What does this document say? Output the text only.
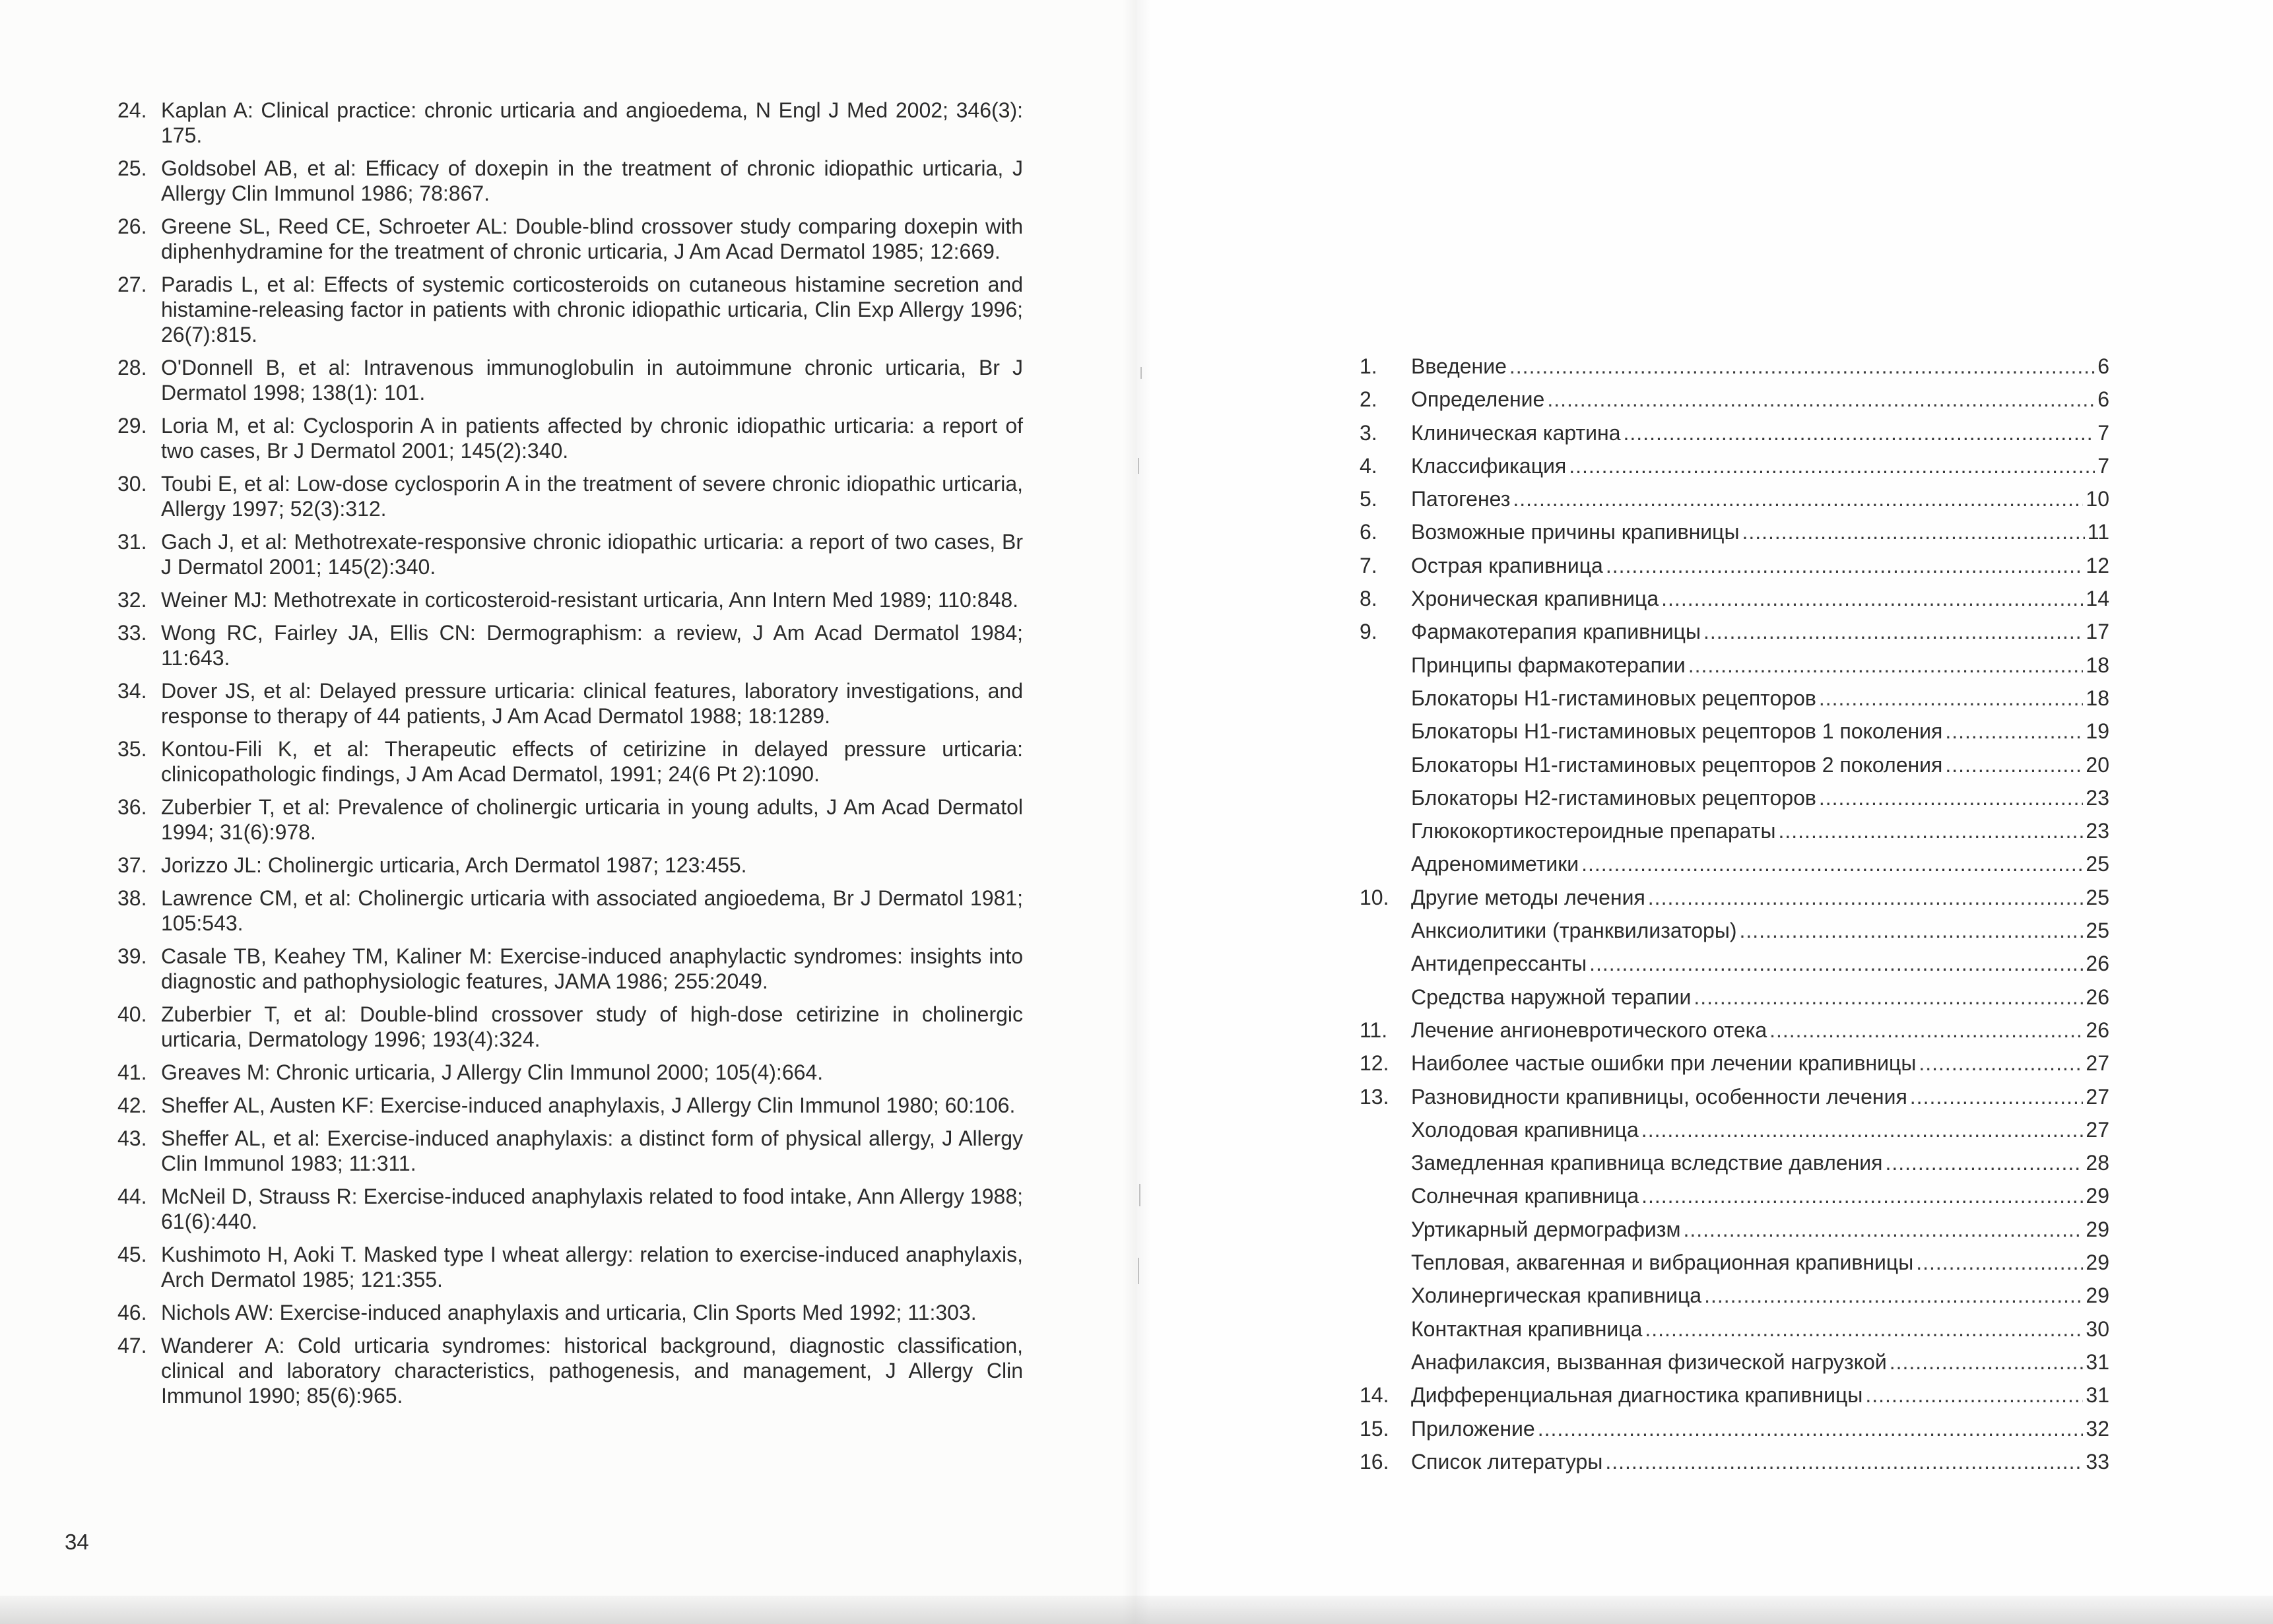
24. Kaplan A: Clinical practice: chronic urticaria and angioedema, N Engl J Med 2002; 346(3): 175.
25. Goldsobel AB, et al: Efficacy of doxepin in the treatment of chronic idiopathic urticaria, J Allergy Clin Immunol 1986; 78:867.
26. Greene SL, Reed CE, Schroeter AL: Double-blind crossover study comparing doxepin with diphenhydramine for the treatment of chronic urticaria, J Am Acad Dermatol 1985; 12:669.
27. Paradis L, et al: Effects of systemic corticosteroids on cutaneous histamine secretion and histamine-releasing factor in patients with chronic idiopathic urticaria, Clin Exp Allergy 1996; 26(7):815.
28. O'Donnell B, et al: Intravenous immunoglobulin in autoimmune chronic urticaria, Br J Dermatol 1998; 138(1): 101.
29. Loria M, et al: Cyclosporin A in patients affected by chronic idiopathic urticaria: a report of two cases, Br J Dermatol 2001; 145(2):340.
30. Toubi E, et al: Low-dose cyclosporin A in the treatment of severe chronic idiopathic urticaria, Allergy 1997; 52(3):312.
31. Gach J, et al: Methotrexate-responsive chronic idiopathic urticaria: a report of two cases, Br J Dermatol 2001; 145(2):340.
32. Weiner MJ: Methotrexate in corticosteroid-resistant urticaria, Ann Intern Med 1989; 110:848.
33. Wong RC, Fairley JA, Ellis CN: Dermographism: a review, J Am Acad Dermatol 1984; 11:643.
34. Dover JS, et al: Delayed pressure urticaria: clinical features, laboratory investigations, and response to therapy of 44 patients, J Am Acad Dermatol 1988; 18:1289.
35. Kontou-Fili K, et al: Therapeutic effects of cetirizine in delayed pressure urticaria: clinicopathologic findings, J Am Acad Dermatol, 1991; 24(6 Pt 2):1090.
36. Zuberbier T, et al: Prevalence of cholinergic urticaria in young adults, J Am Acad Dermatol 1994; 31(6):978.
37. Jorizzo JL: Cholinergic urticaria, Arch Dermatol 1987; 123:455.
38. Lawrence CM, et al: Cholinergic urticaria with associated angioedema, Br J Dermatol 1981; 105:543.
39. Casale TB, Keahey TM, Kaliner M: Exercise-induced anaphylactic syndromes: insights into diagnostic and pathophysiologic features, JAMA 1986; 255:2049.
40. Zuberbier T, et al: Double-blind crossover study of high-dose cetirizine in cholinergic urticaria, Dermatology 1996; 193(4):324.
41. Greaves M: Chronic urticaria, J Allergy Clin Immunol 2000; 105(4):664.
42. Sheffer AL, Austen KF: Exercise-induced anaphylaxis, J Allergy Clin Immunol 1980; 60:106.
43. Sheffer AL, et al: Exercise-induced anaphylaxis: a distinct form of physical allergy, J Allergy Clin Immunol 1983; 11:311.
44. McNeil D, Strauss R: Exercise-induced anaphylaxis related to food intake, Ann Allergy 1988; 61(6):440.
45. Kushimoto H, Aoki T. Masked type I wheat allergy: relation to exercise-induced anaphylaxis, Arch Dermatol 1985; 121:355.
46. Nichols AW: Exercise-induced anaphylaxis and urticaria, Clin Sports Med 1992; 11:303.
47. Wanderer A: Cold urticaria syndromes: historical background, diagnostic classification, clinical and laboratory characteristics, pathogenesis, and management, J Allergy Clin Immunol 1990; 85(6):965.
34
1. Введение .....	6
2. Определение .....	6
3. Клиническая картина .....	7
4. Классификация .....	7
5. Патогенез .....	10
6. Возможные причины крапивницы .....	11
7. Острая крапивница .....	12
8. Хроническая крапивница .....	14
9. Фармакотерапия крапивницы .....	17
Принципы фармакотерапии .....	18
Блокаторы Н1-гистаминовых рецепторов .....	18
Блокаторы Н1-гистаминовых рецепторов 1 поколения .....	19
Блокаторы Н1-гистаминовых рецепторов 2 поколения .....	20
Блокаторы Н2-гистаминовых рецепторов .....	23
Глюкокортикостероидные препараты .....	23
Адреномиметики .....	25
10. Другие методы лечения .....	25
Анксиолитики (транквилизаторы) .....	25
Антидепрессанты .....	26
Средства наружной терапии .....	26
11. Лечение ангионевротического отека .....	26
12. Наиболее частые ошибки при лечении крапивницы .....	27
13. Разновидности крапивницы, особенности лечения .....	27
Холодовая крапивница .....	27
Замедленная крапивница вследствие давления .....	28
Солнечная крапивница .....	29
Уртикарный дермографизм .....	29
Тепловая, аквагенная и вибрационная крапивницы .....	29
Холинергическая крапивница .....	29
Контактная крапивница .....	30
Анафилаксия, вызванная физической нагрузкой .....	31
14. Дифференциальная диагностика крапивницы .....	31
15. Приложение .....	32
16. Список литературы .....	33
